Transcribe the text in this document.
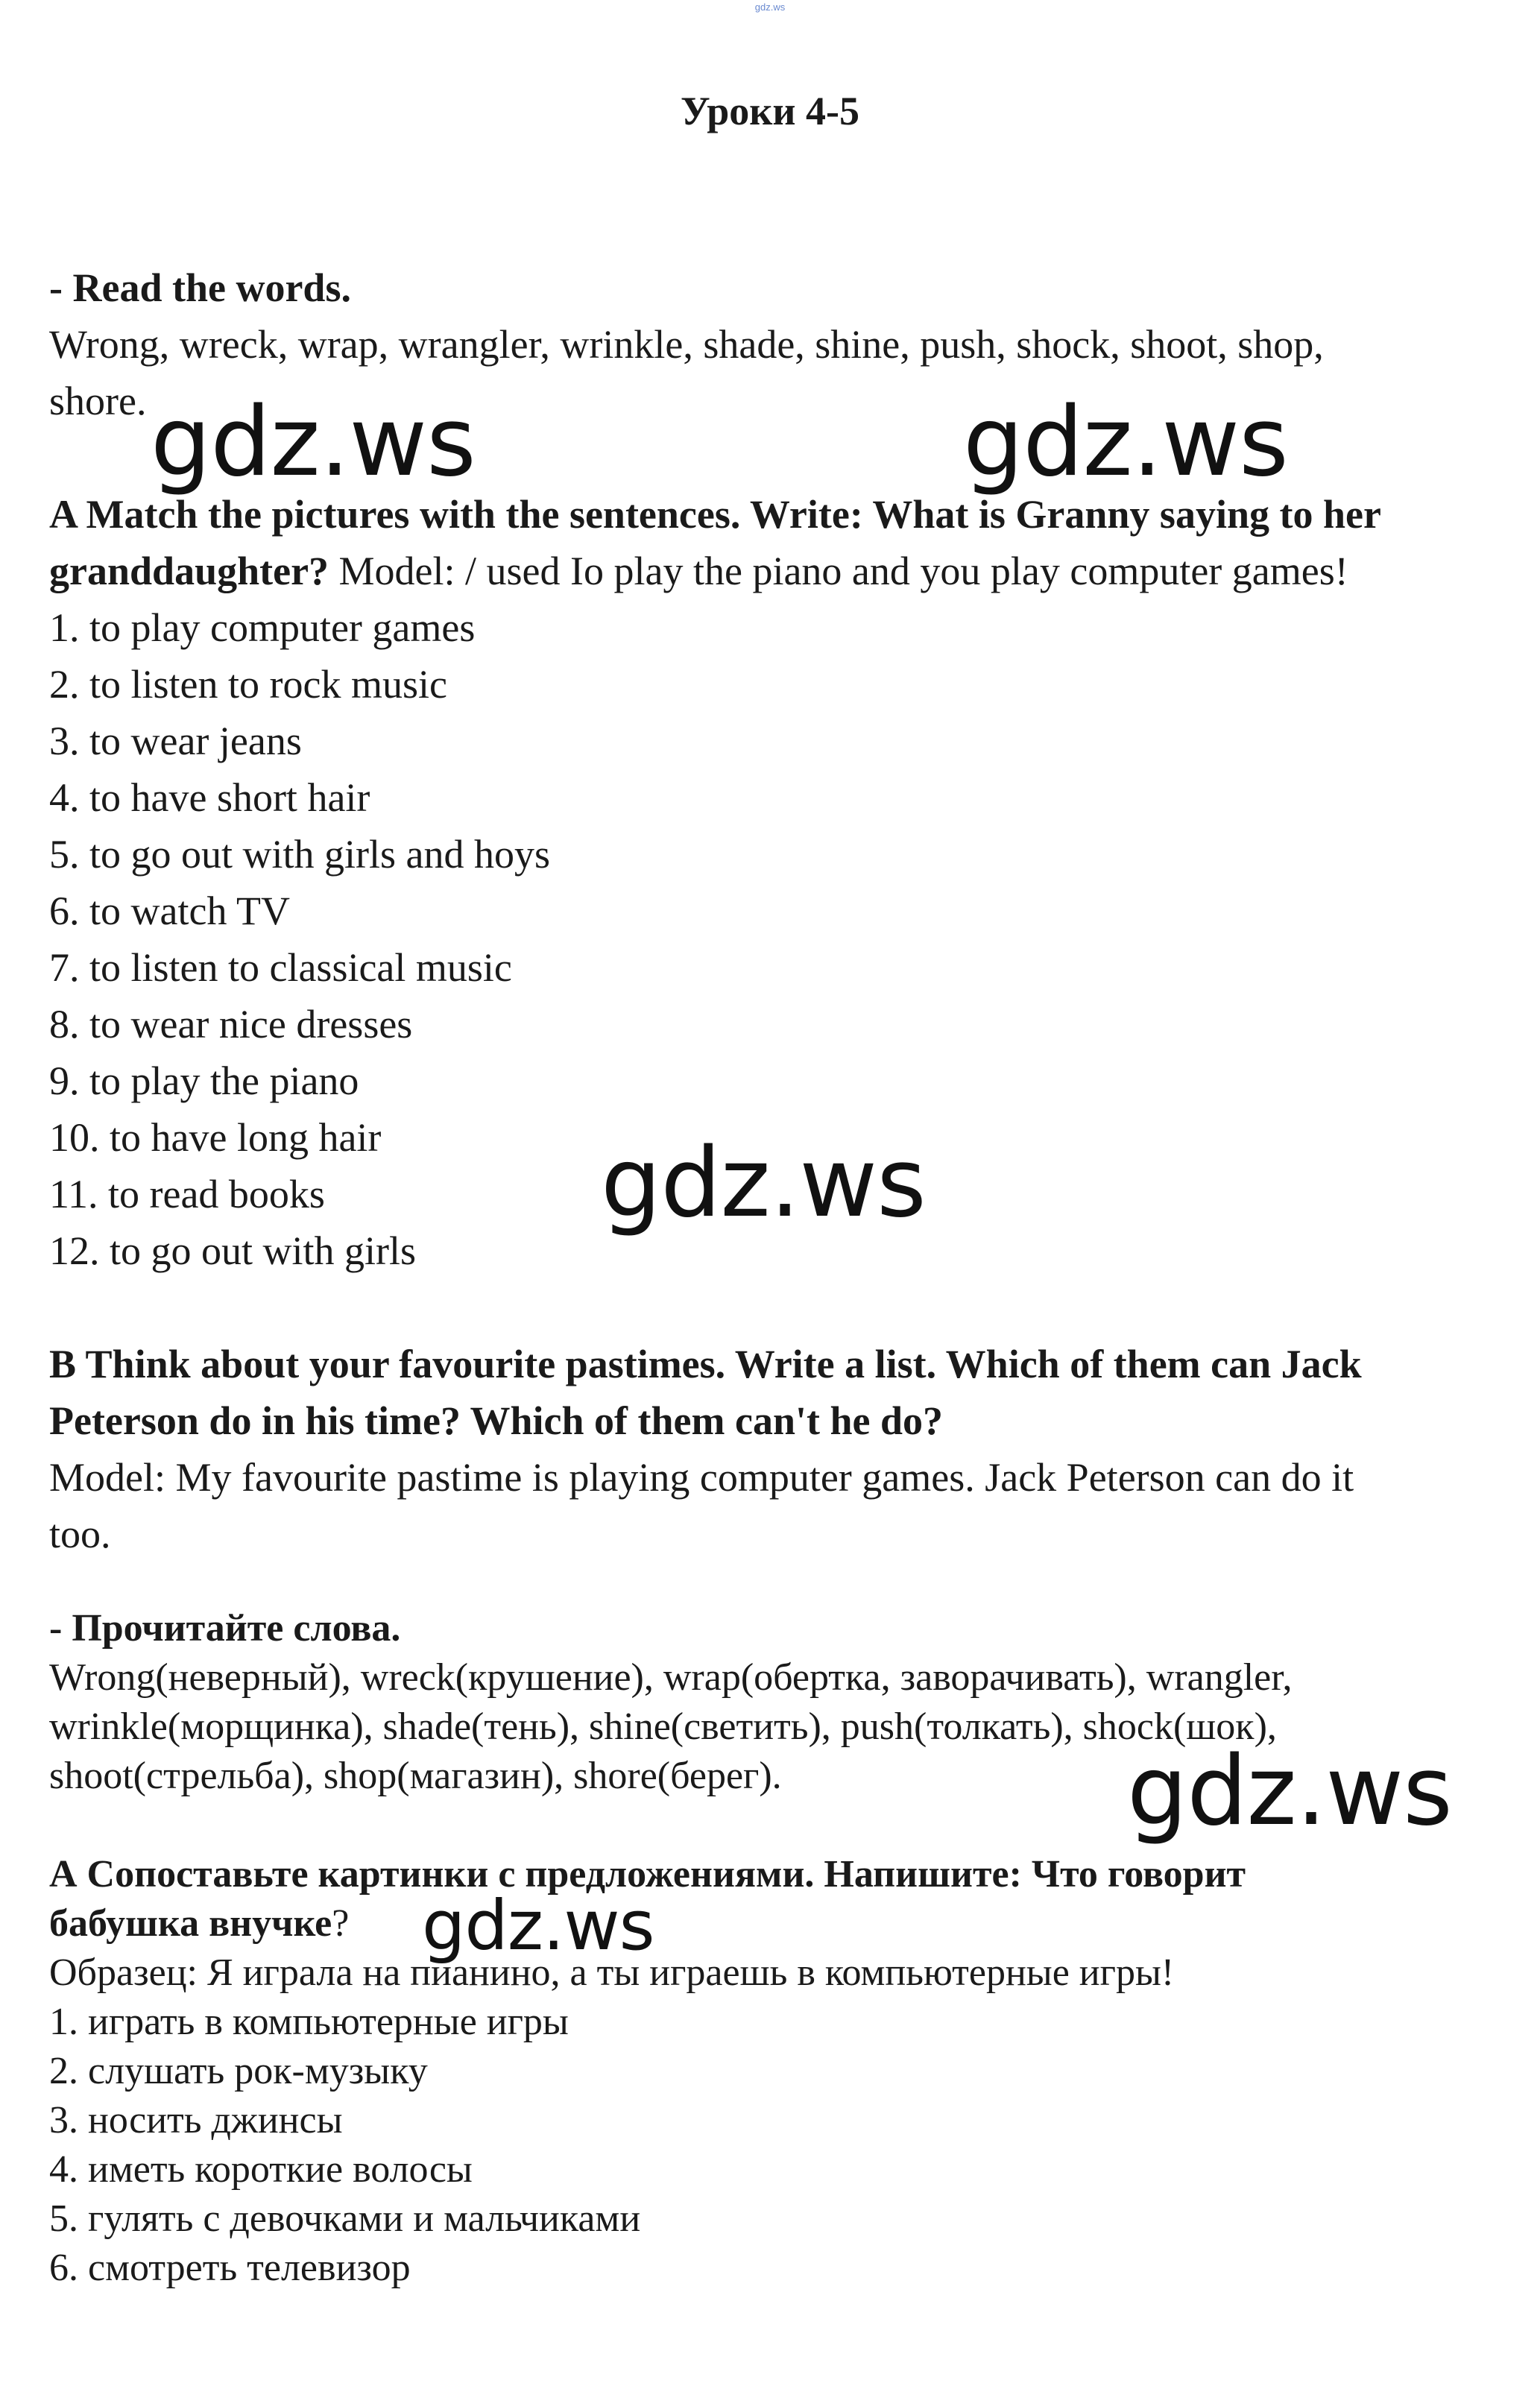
gdz.ws
Уроки 4-5
- Read the words.
Wrong, wreck, wrap, wrangler, wrinkle, shade, shine, push, shock, shoot, shop,
shore.
A Match the pictures with the sentences. Write: What is Granny saying to her
granddaughter? Model: / used Io play the piano and you play computer games!
1. to play computer games
2. to listen to rock music
3. to wear jeans
4. to have short hair
5. to go out with girls and hoys
6. to watch TV
7. to listen to classical music
8. to wear nice dresses
9. to play the piano
10. to have long hair
11. to read books
12. to go out with girls
B Think about your favourite pastimes. Write a list. Which of them can Jack
Peterson do in his time? Which of them can't he do?
Model: My favourite pastime is playing computer games. Jack Peterson can do it
too.
- Прочитайте слова.
Wrong(неверный), wreck(крушение), wrap(обертка, заворачивать), wrangler,
wrinkle(морщинка), shade(тень), shine(светить), push(толкать), shock(шок),
shoot(стрельба), shop(магазин), shore(берег).
А Сопоставьте картинки с предложениями. Напишите: Что говорит
бабушка внучке?
Образец: Я играла на пианино, а ты играешь в компьютерные игры!
1. играть в компьютерные игры
2. слушать рок-музыку
3. носить джинсы
4. иметь короткие волосы
5. гулять с девочками и мальчиками
6. смотреть телевизор
gdz.ws	gdz.ws
gdz.ws
gdz.ws
gdz.ws
